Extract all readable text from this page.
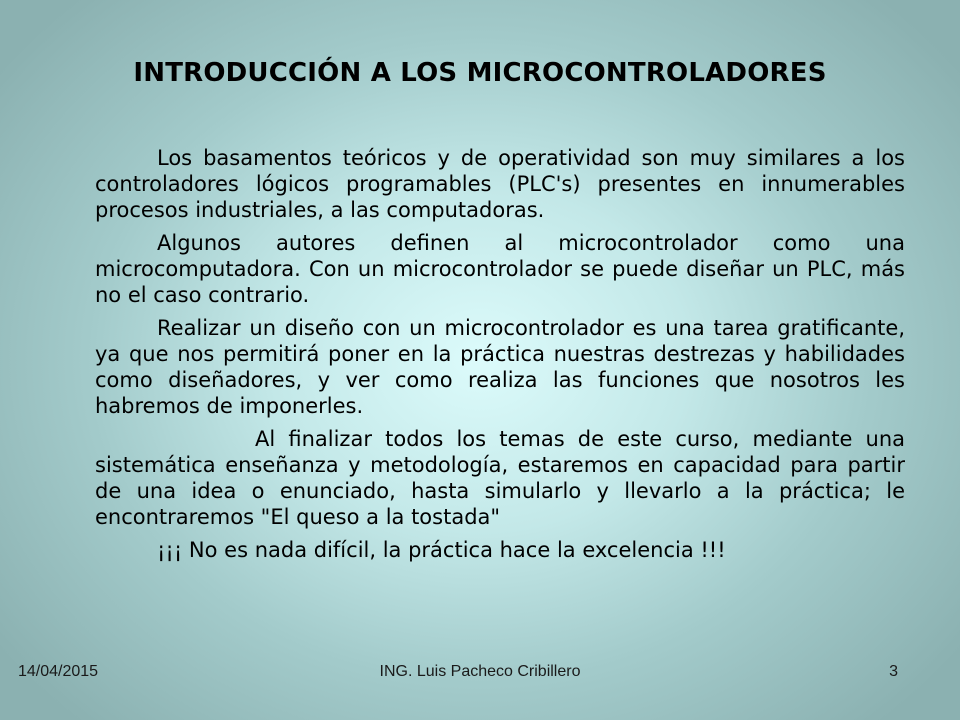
INTRODUCCIÓN A LOS MICROCONTROLADORES

Los basamentos teóricos y de operatividad son muy similares a los controladores lógicos programables (PLC's) presentes en innumerables procesos industriales, a las computadoras.

Algunos autores definen al microcontrolador como una microcomputadora. Con un microcontrolador se puede diseñar un PLC, más no el caso contrario.

Realizar un diseño con un microcontrolador es una tarea gratificante, ya que nos permitirá poner en la práctica nuestras destrezas y habilidades como diseñadores, y ver como realiza las funciones que nosotros les habremos de imponerles.

Al finalizar todos los temas de este curso, mediante una sistemática enseñanza y metodología, estaremos en capacidad para partir de una idea o enunciado, hasta simularlo y llevarlo a la práctica; le encontraremos "El queso a la tostada"

¡¡¡ No es nada difícil, la práctica hace la excelencia !!!

14/04/2015	ING. Luis Pacheco Cribillero	3
